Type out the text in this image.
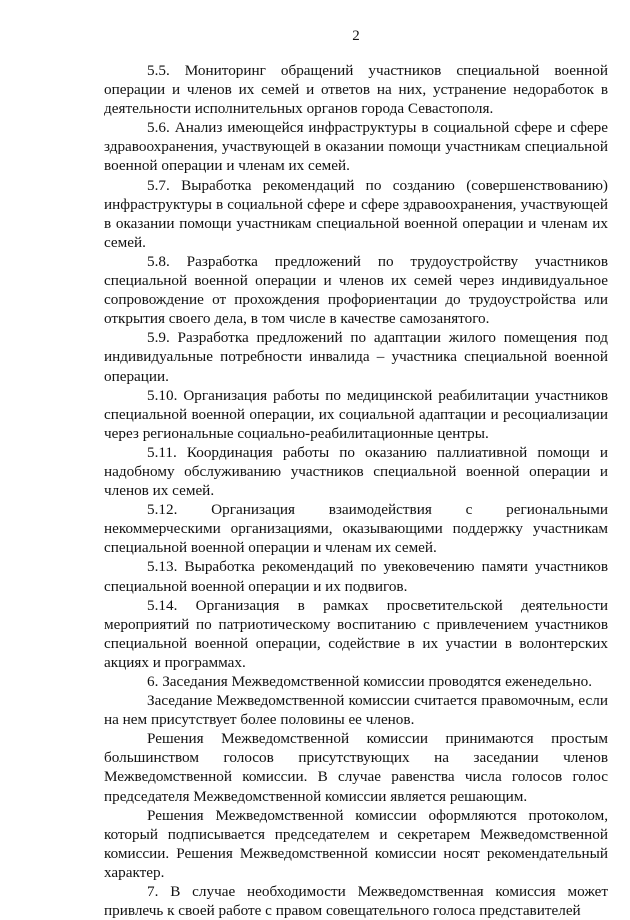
2

5.5. Мониторинг обращений участников специальной военной операции и членов их семей и ответов на них, устранение недоработок в деятельности исполнительных органов города Севастополя.

5.6. Анализ имеющейся инфраструктуры в социальной сфере и сфере здравоохранения, участвующей в оказании помощи участникам специальной военной операции и членам их семей.

5.7. Выработка рекомендаций по созданию (совершенствованию) инфраструктуры в социальной сфере и сфере здравоохранения, участвующей в оказании помощи участникам специальной военной операции и членам их семей.

5.8. Разработка предложений по трудоустройству участников специальной военной операции и членов их семей через индивидуальное сопровождение от прохождения профориентации до трудоустройства или открытия своего дела, в том числе в качестве самозанятого.

5.9. Разработка предложений по адаптации жилого помещения под индивидуальные потребности инвалида – участника специальной военной операции.

5.10. Организация работы по медицинской реабилитации участников специальной военной операции, их социальной адаптации и ресоциализации через региональные социально-реабилитационные центры.

5.11. Координация работы по оказанию паллиативной помощи и надобному обслуживанию участников специальной военной операции и членов их семей.

5.12. Организация взаимодействия с региональными некоммерческими организациями, оказывающими поддержку участникам специальной военной операции и членам их семей.

5.13. Выработка рекомендаций по увековечению памяти участников специальной военной операции и их подвигов.

5.14. Организация в рамках просветительской деятельности мероприятий по патриотическому воспитанию с привлечением участников специальной военной операции, содействие в их участии в волонтерских акциях и программах.

6. Заседания Межведомственной комиссии проводятся еженедельно.

Заседание Межведомственной комиссии считается правомочным, если на нем присутствует более половины ее членов.

Решения Межведомственной комиссии принимаются простым большинством голосов присутствующих на заседании членов Межведомственной комиссии. В случае равенства числа голосов голос председателя Межведомственной комиссии является решающим.

Решения Межведомственной комиссии оформляются протоколом, который подписывается председателем и секретарем Межведомственной комиссии. Решения Межведомственной комиссии носят рекомендательный характер.

7. В случае необходимости Межведомственная комиссия может привлечь к своей работе с правом совещательного голоса представителей
